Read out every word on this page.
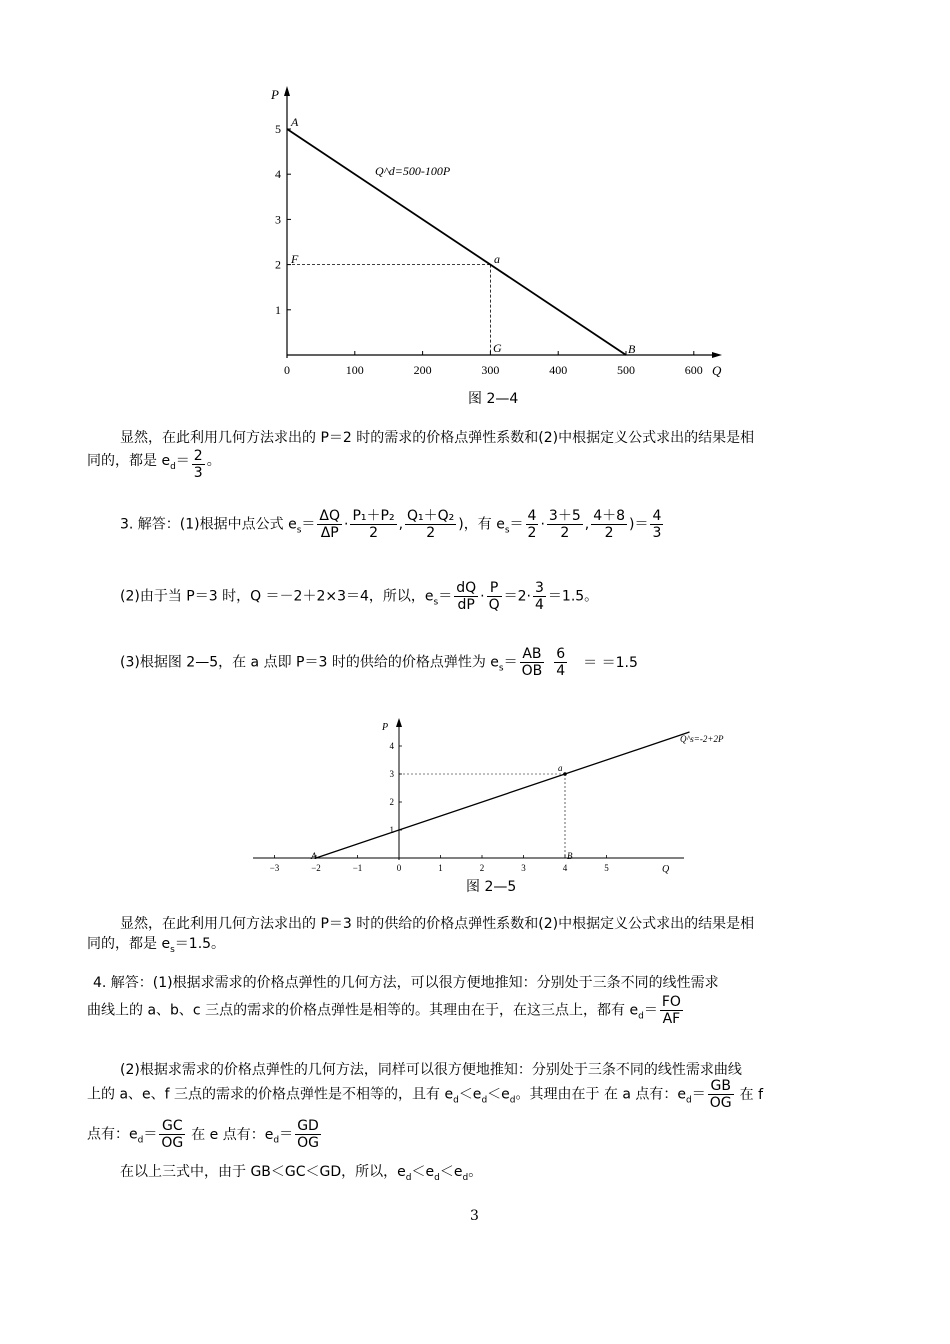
0	100	200	300	400	500	600
1
2
3
4
5
P
Q
A
B
F
G
a
Q^d=500-100P
图 2—4
显然，在此利用几何方法求出的 P＝2 时的需求的价格点弹性系数和(2)中根据定义公式求出的结果是相
同的，都是 $e_d= \frac{2}{3}$ 。
3. 解答：(1)根据中点公式 $e_s= \frac{\Delta Q}{\Delta P} \cdot \frac{\text{P₁＋P₂}}{2}$ , $\frac{\text{Q₁＋Q₂}}{2}$ )，有 $e_s= \frac{4}{2} \cdot \frac{3+5}{2}$ , $\frac{4+8}{2}$ )＝ $\frac{4}{3}$
(2)由于当 P＝3 时，Q ＝－2＋2×3＝4，所以，$e_s= \frac{dQ}{dP} \cdot \frac{P}{Q} =2\cdot \frac{3}{4} =1.5$。
(3)根据图 2—5，在 a 点即 P＝3 时的供给的价格点弹性为 $e_s= \frac{AB}{OB} \frac{6}{4} = =1.5$
−3	−2	−1	0	1	2	3	4	5
1
2
3
4
P
Q
A	B
a
Q^s=-2+2P
图 2—5
显然，在此利用几何方法求出的 P＝3 时的供给的价格点弹性系数和(2)中根据定义公式求出的结果是相
同的，都是 $e_s=1.5$。
4. 解答：(1)根据求需求的价格点弹性的几何方法，可以很方便地推知：分别处于三条不同的线性需求
曲线上的 a、b、c 三点的需求的价格点弹性是相等的。其理由在于，在这三点上，都有 $e_d= \frac{FO}{AF}$
(2)根据求需求的价格点弹性的几何方法，同样可以很方便地推知：分别处于三条不同的线性需求曲线
上的 a、e、f 三点的需求的价格点弹性是不相等的，且有 $e_d<e_d<e_d$。其理由在于 在 a 点有：$e_d= \frac{GB}{OG}$ 在 f
点有：$e_d= \frac{GC}{OG}$ 在 e 点有：$e_d= \frac{GD}{OG}$
在以上三式中，由于 GB＜GC＜GD，所以，$e_d<e_d<e_d$。
3
